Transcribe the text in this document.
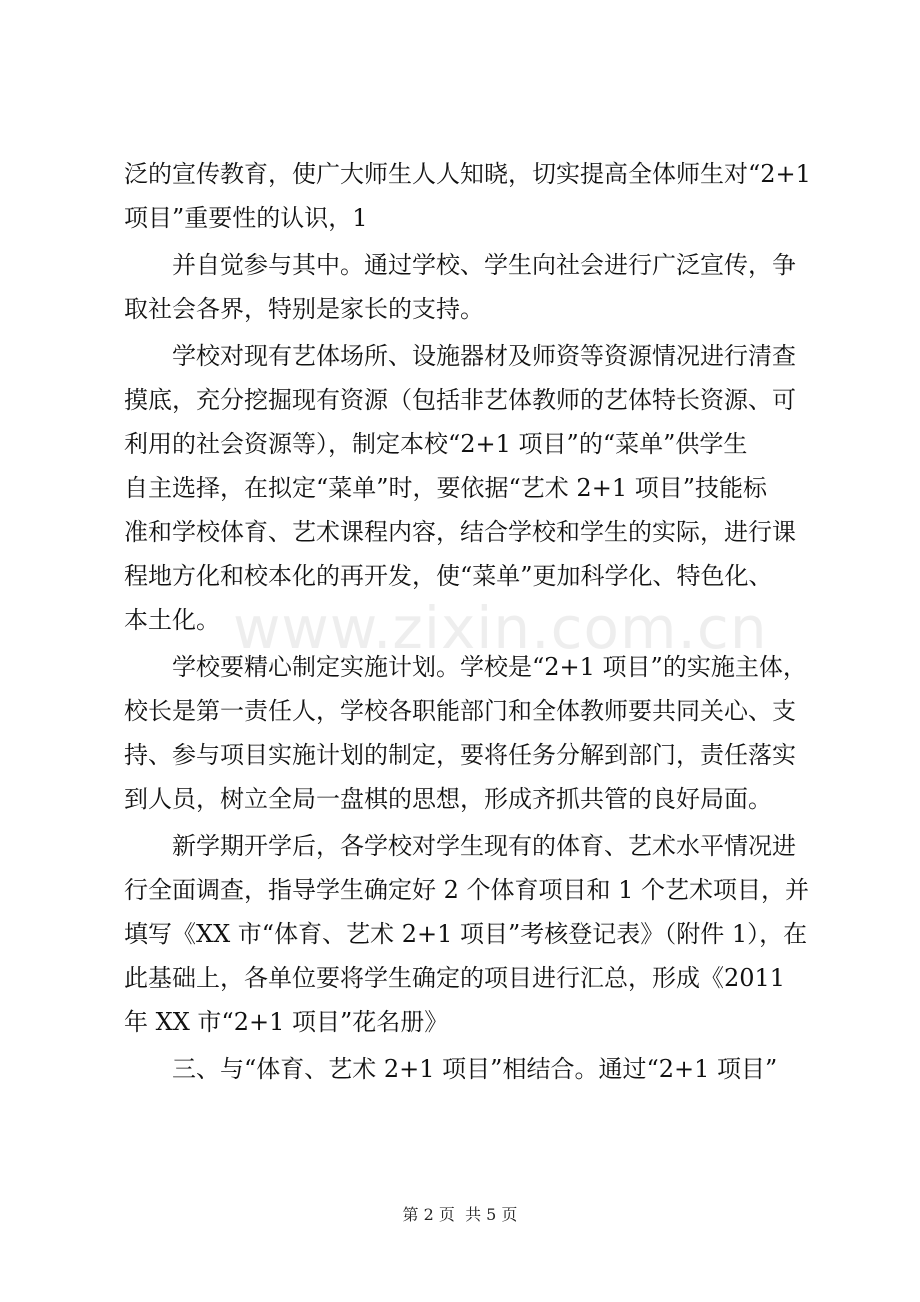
www.zixin.com.cn
泛的宣传教育，使广大师生人人知晓，切实提高全体师生对“2+1
项目”重要性的认识，1
并自觉参与其中。通过学校、学生向社会进行广泛宣传，争
取社会各界，特别是家长的支持。
学校对现有艺体场所、设施器材及师资等资源情况进行清查
摸底，充分挖掘现有资源（包括非艺体教师的艺体特长资源、可
利用的社会资源等），制定本校“2+1 项目”的“菜单”供学生
自主选择，在拟定“菜单”时，要依据“艺术 2+1 项目”技能标
准和学校体育、艺术课程内容，结合学校和学生的实际，进行课
程地方化和校本化的再开发，使“菜单”更加科学化、特色化、
本土化。
学校要精心制定实施计划。学校是“2+1 项目”的实施主体，
校长是第一责任人，学校各职能部门和全体教师要共同关心、支
持、参与项目实施计划的制定，要将任务分解到部门，责任落实
到人员，树立全局一盘棋的思想，形成齐抓共管的良好局面。
新学期开学后，各学校对学生现有的体育、艺术水平情况进
行全面调查，指导学生确定好 2 个体育项目和 1 个艺术项目，并
填写《XX 市“体育、艺术 2+1 项目”考核登记表》（附件 1），在
此基础上，各单位要将学生确定的项目进行汇总，形成《2011
年 XX 市“2+1 项目”花名册》
三、与“体育、艺术 2+1 项目”相结合。通过“2+1 项目”
第 2 页  共 5 页
